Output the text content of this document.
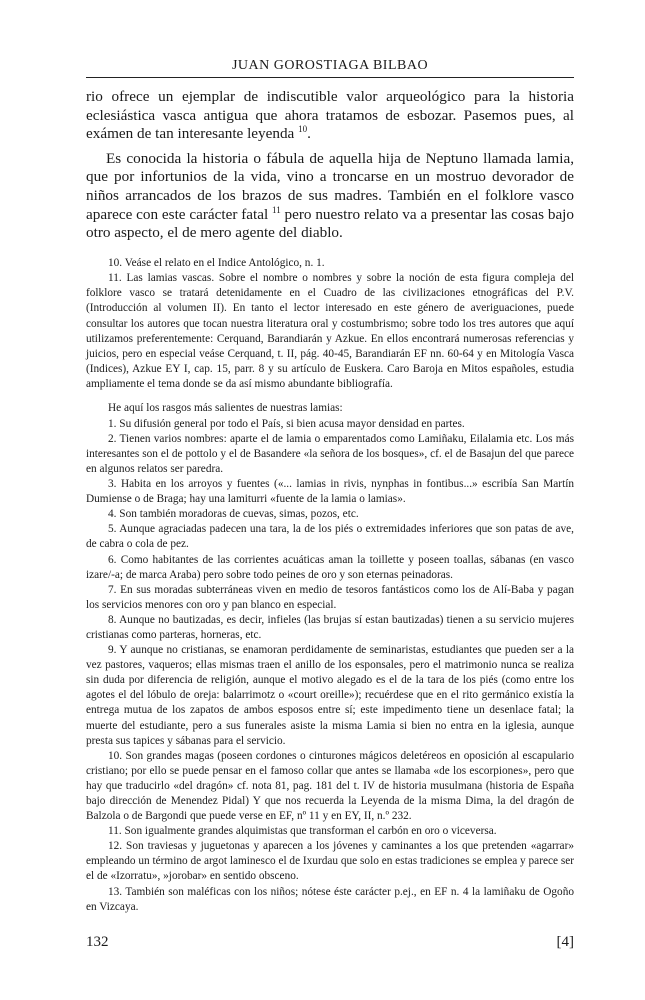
JUAN GOROSTIAGA BILBAO

rio ofrece un ejemplar de indiscutible valor arqueológico para la historia eclesiástica vasca antigua que ahora tratamos de esbozar. Pasemos pues, al exámen de tan interesante leyenda $^{10}$.

Es conocida la historia o fábula de aquella hija de Neptuno llamada lamia, que por infortunios de la vida, vino a troncarse en un mostruo devorador de niños arrancados de los brazos de sus madres. También en el folklore vasco aparece con este carácter fatal $^{11}$ pero nuestro relato va a presentar las cosas bajo otro aspecto, el de mero agente del diablo.

10. Veáse el relato en el Indice Antológico, n. 1.

11. Las lamias vascas. Sobre el nombre o nombres y sobre la noción de esta figura compleja del folklore vasco se tratará detenidamente en el Cuadro de las civilizaciones etnográficas del P.V. (Introducción al volumen II). En tanto el lector interesado en este género de averiguaciones, puede consultar los autores que tocan nuestra literatura oral y costumbrismo; sobre todo los tres autores que aquí utilizamos preferentemente: Cerquand, Barandiarán y Azkue. En ellos encontrará numerosas referencias y juicios, pero en especial veáse Cerquand, t. II, pág. 40-45, Barandiarán EF nn. 60-64 y en Mitología Vasca (Indices), Azkue EY I, cap. 15, parr. 8 y su artículo de Euskera. Caro Baroja en Mitos españoles, estudia ampliamente el tema donde se da así mismo abundante bibliografía.

He aquí los rasgos más salientes de nuestras lamias:

1. Su difusión general por todo el País, si bien acusa mayor densidad en partes.

2. Tienen varios nombres: aparte el de lamia o emparentados como Lamiñaku, Eilalamia etc. Los más interesantes son el de pottolo y el de Basandere «la señora de los bosques», cf. el de Basajun del que parece en algunos relatos ser paredra.

3. Habita en los arroyos y fuentes («... lamias in rivis, nynphas in fontibus...» escribía San Martín Dumiense o de Braga; hay una lamiturri «fuente de la lamia o lamias».

4. Son también moradoras de cuevas, simas, pozos, etc.

5. Aunque agraciadas padecen una tara, la de los piés o extremidades inferiores que son patas de ave, de cabra o cola de pez.

6. Como habitantes de las corrientes acuáticas aman la toillette y poseen toallas, sábanas (en vasco izare/-a; de marca Araba) pero sobre todo peines de oro y son eternas peinadoras.

7. En sus moradas subterráneas viven en medio de tesoros fantásticos como los de Alí-Baba y pagan los servicios menores con oro y pan blanco en especial.

8. Aunque no bautizadas, es decir, infieles (las brujas sí estan bautizadas) tienen a su servicio mujeres cristianas como parteras, horneras, etc.

9. Y aunque no cristianas, se enamoran perdidamente de seminaristas, estudiantes que pueden ser a la vez pastores, vaqueros; ellas mismas traen el anillo de los esponsales, pero el matrimonio nunca se realiza sin duda por diferencia de religión, aunque el motivo alegado es el de la tara de los piés (como entre los agotes el del lóbulo de oreja: balarrimotz o «court oreille»); recuérdese que en el rito germánico existía la entrega mutua de los zapatos de ambos esposos entre sí; este impedimento tiene un desenlace fatal; la muerte del estudiante, pero a sus funerales asiste la misma Lamia si bien no entra en la iglesia, aunque presta sus tapices y sábanas para el servicio.

10. Son grandes magas (poseen cordones o cinturones mágicos deletéreos en oposición al escapulario cristiano; por ello se puede pensar en el famoso collar que antes se llamaba «de los escorpiones», pero que hay que traducirlo «del dragón» cf. nota 81, pag. 181 del t. IV de historia musulmana (historia de España bajo dirección de Menendez Pidal) Y que nos recuerda la Leyenda de la misma Dima, la del dragón de Balzola o de Bargondi que puede verse en EF, nº 11 y en EY, II, n.º 232.

11. Son igualmente grandes alquimistas que transforman el carbón en oro o viceversa.

12. Son traviesas y juguetonas y aparecen a los jóvenes y caminantes a los que pretenden «agarrar» empleando un término de argot laminesco el de Ixurdau que solo en estas tradiciones se emplea y parece ser el de «Izorratu», »jorobar» en sentido obsceno.

13. También son maléficas con los niños; nótese éste carácter p.ej., en EF n. 4 la lamiñaku de Ogoño en Vizcaya.

132	[4]
